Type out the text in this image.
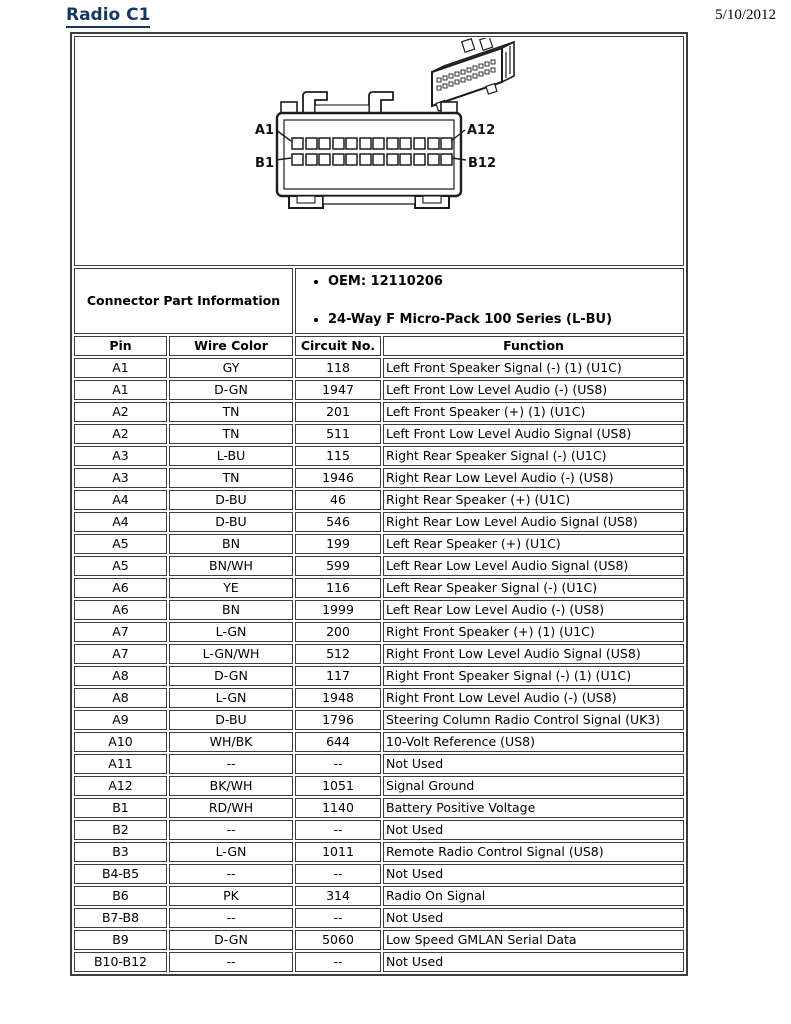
Radio C1	5/10/2012
A1 A12
B1 B12			

Connector Part Information	
• OEM: 12110206
• 24-Way F Micro-Pack 100 Series (L-BU)

Pin	Wire Color	Circuit No.	Function
A1	GY	118	Left Front Speaker Signal (-) (1) (U1C)
A1	D-GN	1947	Left Front Low Level Audio (-) (US8)
A2	TN	201	Left Front Speaker (+) (1) (U1C)
A2	TN	511	Left Front Low Level Audio Signal (US8)
A3	L-BU	115	Right Rear Speaker Signal (-) (U1C)
A3	TN	1946	Right Rear Low Level Audio (-) (US8)
A4	D-BU	46	Right Rear Speaker (+) (U1C)
A4	D-BU	546	Right Rear Low Level Audio Signal (US8)
A5	BN	199	Left Rear Speaker (+) (U1C)
A5	BN/WH	599	Left Rear Low Level Audio Signal (US8)
A6	YE	116	Left Rear Speaker Signal (-) (U1C)
A6	BN	1999	Left Rear Low Level Audio (-) (US8)
A7	L-GN	200	Right Front Speaker (+) (1) (U1C)
A7	L-GN/WH	512	Right Front Low Level Audio Signal (US8)
A8	D-GN	117	Right Front Speaker Signal (-) (1) (U1C)
A8	L-GN	1948	Right Front Low Level Audio (-) (US8)
A9	D-BU	1796	Steering Column Radio Control Signal (UK3)
A10	WH/BK	644	10-Volt Reference (US8)
A11	--	--	Not Used
A12	BK/WH	1051	Signal Ground
B1	RD/WH	1140	Battery Positive Voltage
B2	--	--	Not Used
B3	L-GN	1011	Remote Radio Control Signal (US8)
B4-B5	--	--	Not Used
B6	PK	314	Radio On Signal
B7-B8	--	--	Not Used
B9	D-GN	5060	Low Speed GMLAN Serial Data
B10-B12	--	--	Not Used
